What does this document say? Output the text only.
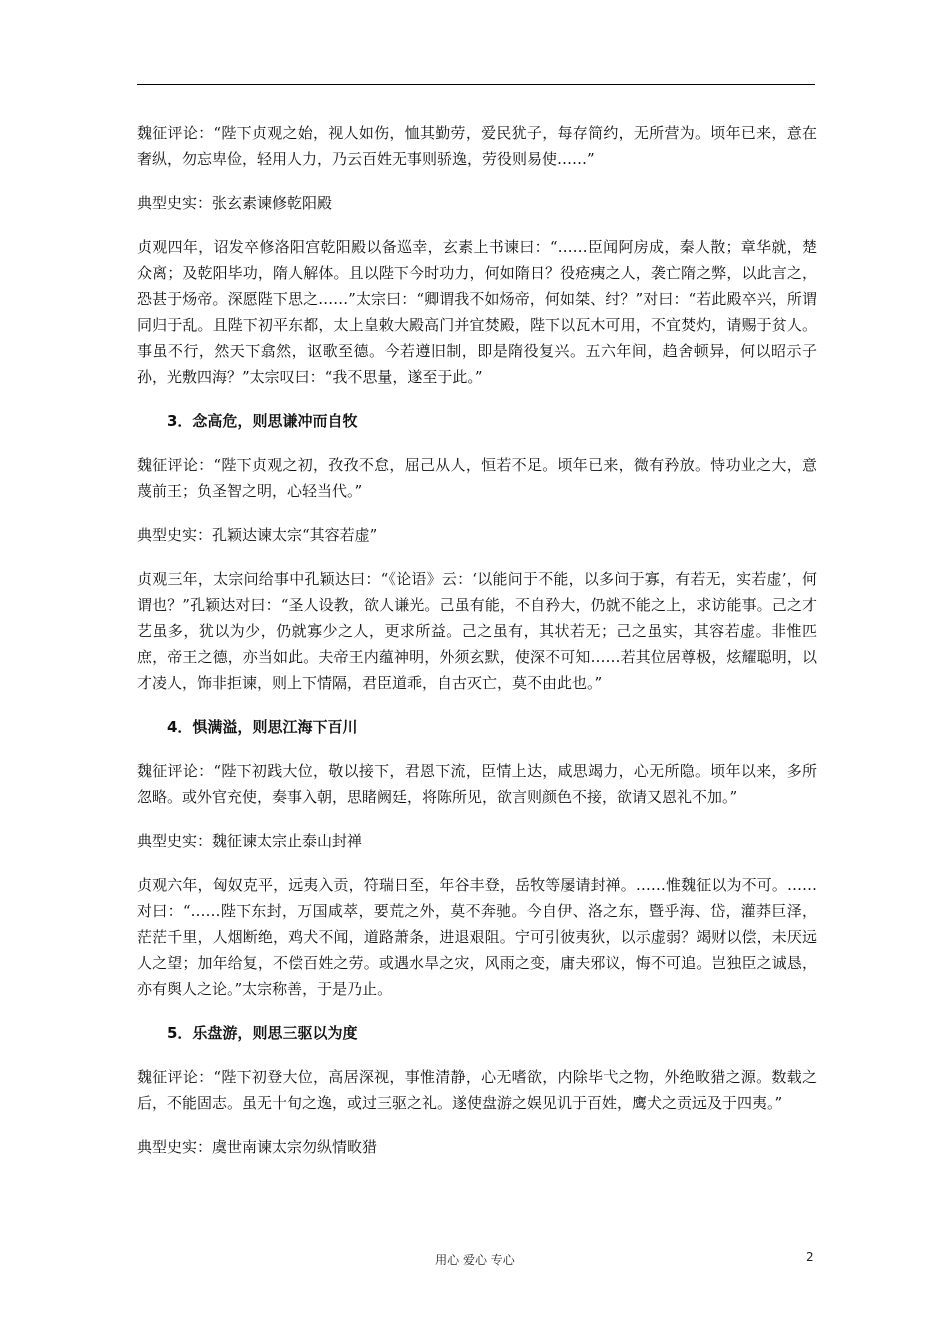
魏征评论：“陛下贞观之始，视人如伤，恤其勤劳，爱民犹子，每存简约，无所营为。顷年已来，意在奢纵，勿忘卑俭，轻用人力，乃云百姓无事则骄逸，劳役则易使……”

典型史实：张玄素谏修乾阳殿

贞观四年，诏发卒修洛阳宫乾阳殿以备巡幸，玄素上书谏曰：“……臣闻阿房成，秦人散；章华就，楚众离；及乾阳毕功，隋人解体。且以陛下今时功力，何如隋日？役疮痍之人，袭亡隋之弊，以此言之，恐甚于炀帝。深愿陛下思之……”太宗曰：“卿谓我不如炀帝，何如桀、纣？”对曰：“若此殿卒兴，所谓同归于乱。且陛下初平东都，太上皇敕大殿高门并宜焚殿，陛下以瓦木可用，不宜焚灼，请赐于贫人。事虽不行，然天下翕然，讴歌至德。今若遵旧制，即是隋役复兴。五六年间，趋舍顿异，何以昭示子孙，光敷四海？”太宗叹曰：“我不思量，遂至于此。”

3．念高危，则思谦冲而自牧

魏征评论：“陛下贞观之初，孜孜不怠，屈己从人，恒若不足。顷年已来，微有矜放。恃功业之大，意蔑前王；负圣智之明，心轻当代。”

典型史实：孔颖达谏太宗“其容若虚”

贞观三年，太宗问给事中孔颖达曰：“《论语》云：‘以能问于不能，以多问于寡，有若无，实若虚’，何谓也？”孔颖达对曰：“圣人设教，欲人谦光。己虽有能，不自矜大，仍就不能之上，求访能事。己之才艺虽多，犹以为少，仍就寡少之人，更求所益。己之虽有，其状若无；己之虽实，其容若虚。非惟匹庶，帝王之德，亦当如此。夫帝王内蕴神明，外须玄默，使深不可知……若其位居尊极，炫耀聪明，以才凌人，饰非拒谏，则上下情隔，君臣道乖，自古灭亡，莫不由此也。”

4．惧满溢，则思江海下百川

魏征评论：“陛下初践大位，敬以接下，君恩下流，臣情上达，咸思竭力，心无所隐。顷年以来，多所忽略。或外官充使，奏事入朝，思睹阙廷，将陈所见，欲言则颜色不接，欲请又恩礼不加。”

典型史实：魏征谏太宗止泰山封禅

贞观六年，匈奴克平，远夷入贡，符瑞日至，年谷丰登，岳牧等屡请封禅。……惟魏征以为不可。……对曰：“……陛下东封，万国咸萃，要荒之外，莫不奔驰。今自伊、洛之东，暨乎海、岱，灌莽巨泽，茫茫千里，人烟断绝，鸡犬不闻，道路萧条，进退艰阻。宁可引彼夷狄，以示虚弱？竭财以偿，未厌远人之望；加年给复，不偿百姓之劳。或遇水旱之灾，风雨之变，庸夫邪议，悔不可追。岂独臣之诚恳，亦有舆人之论。”太宗称善，于是乃止。

5．乐盘游，则思三驱以为度

魏征评论：“陛下初登大位，高居深视，事惟清静，心无嗜欲，内除毕弋之物，外绝畋猎之源。数载之后，不能固志。虽无十旬之逸，或过三驱之礼。遂使盘游之娱见讥于百姓，鹰犬之贡远及于四夷。”

典型史实：虞世南谏太宗勿纵情畋猎

用心 爱心 专心	2
